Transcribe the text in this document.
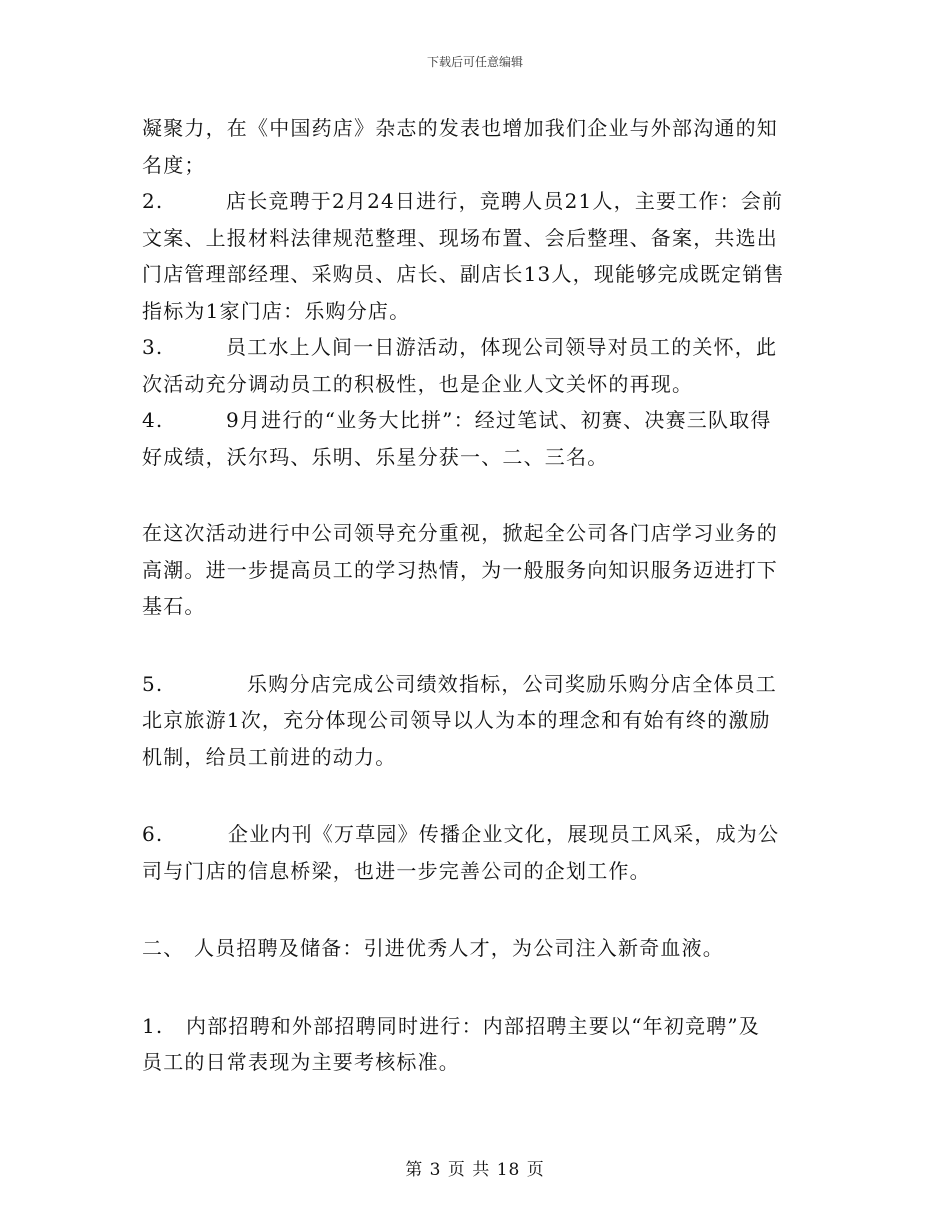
下载后可任意编辑
凝聚力，在《中国药店》杂志的发表也增加我们企业与外部沟通的知
名度；
2.	店长竞聘于2月24日进行，竞聘人员21人，主要工作：会前
文案、上报材料法律规范整理、现场布置、会后整理、备案，共选出
门店管理部经理、采购员、店长、副店长13人，现能够完成既定销售
指标为1家门店：乐购分店。
3.	员工水上人间一日游活动，体现公司领导对员工的关怀，此
次活动充分调动员工的积极性，也是企业人文关怀的再现。
4.	9月进行的“业务大比拼”：经过笔试、初赛、决赛三队取得
好成绩，沃尔玛、乐明、乐星分获一、二、三名。
在这次活动进行中公司领导充分重视，掀起全公司各门店学习业务的
高潮。进一步提高员工的学习热情，为一般服务向知识服务迈进打下
基石。
5.	乐购分店完成公司绩效指标，公司奖励乐购分店全体员工
北京旅游1次，充分体现公司领导以人为本的理念和有始有终的激励
机制，给员工前进的动力。
6.	企业内刊《万草园》传播企业文化，展现员工风采，成为公
司与门店的信息桥梁，也进一步完善公司的企划工作。
二、 人员招聘及储备：引进优秀人才，为公司注入新奇血液。
1. 内部招聘和外部招聘同时进行：内部招聘主要以“年初竞聘”及
员工的日常表现为主要考核标准。
第 3 页 共 18 页
